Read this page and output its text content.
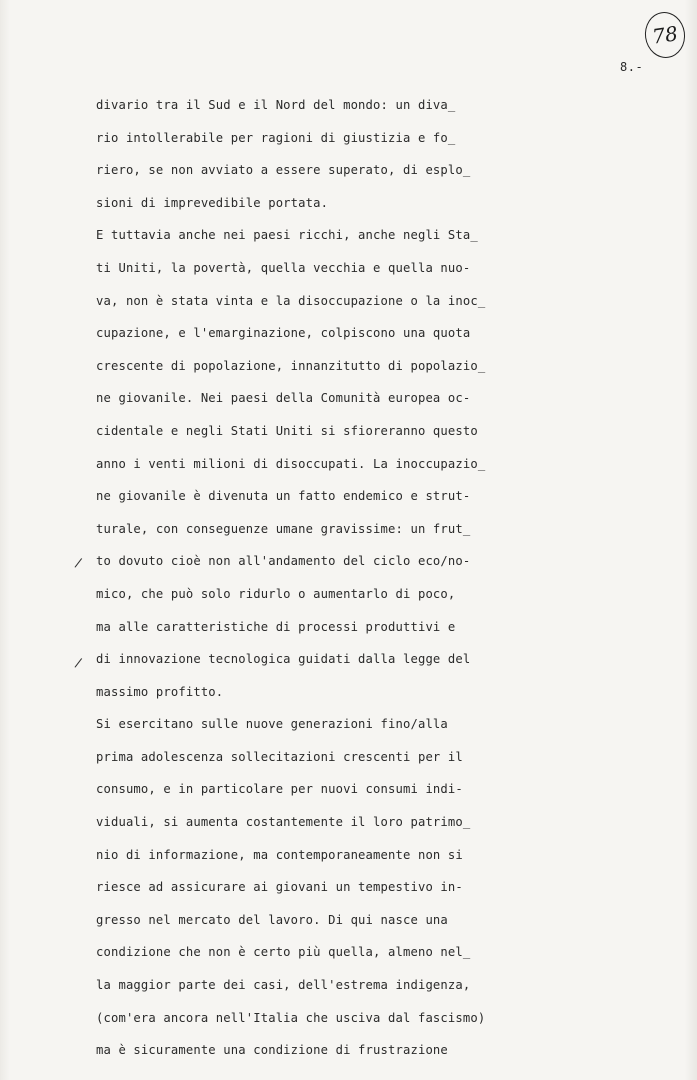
78
8.-
divario tra il Sud e il Nord del mondo: un diva_
rio intollerabile per ragioni di giustizia e fo_
riero, se non avviato a essere superato, di esplo_
sioni di imprevedibile portata.
E tuttavia anche nei paesi ricchi, anche negli Sta_
ti Uniti, la povertà, quella vecchia e quella nuo-
va, non è stata vinta e la disoccupazione o la inoc_
cupazione, e l'emarginazione, colpiscono una quota
crescente di popolazione, innanzitutto di popolazio_
ne giovanile. Nei paesi della Comunità europea oc-
cidentale e negli Stati Uniti si sfioreranno questo
anno i venti milioni di disoccupati. La inoccupazio_
ne giovanile è divenuta un fatto endemico e strut-
turale, con conseguenze umane gravissime: un frut_
to dovuto cioè non all'andamento del ciclo eco/no-
mico, che può solo ridurlo o aumentarlo di poco,
ma alle caratteristiche di processi produttivi e
di innovazione tecnologica guidati dalla legge del
massimo profitto.
Si esercitano sulle nuove generazioni fino/alla
prima adolescenza sollecitazioni crescenti per il
consumo, e in particolare per nuovi consumi indi-
viduali, si aumenta costantemente il loro patrimo_
nio di informazione, ma contemporaneamente non si
riesce ad assicurare ai giovani un tempestivo in-
gresso nel mercato del lavoro. Di qui nasce una
condizione che non è certo più quella, almeno nel_
la maggior parte dei casi, dell'estrema indigenza,
(com'era ancora nell'Italia che usciva dal fascismo)
ma è sicuramente una condizione di frustrazione
/
/
